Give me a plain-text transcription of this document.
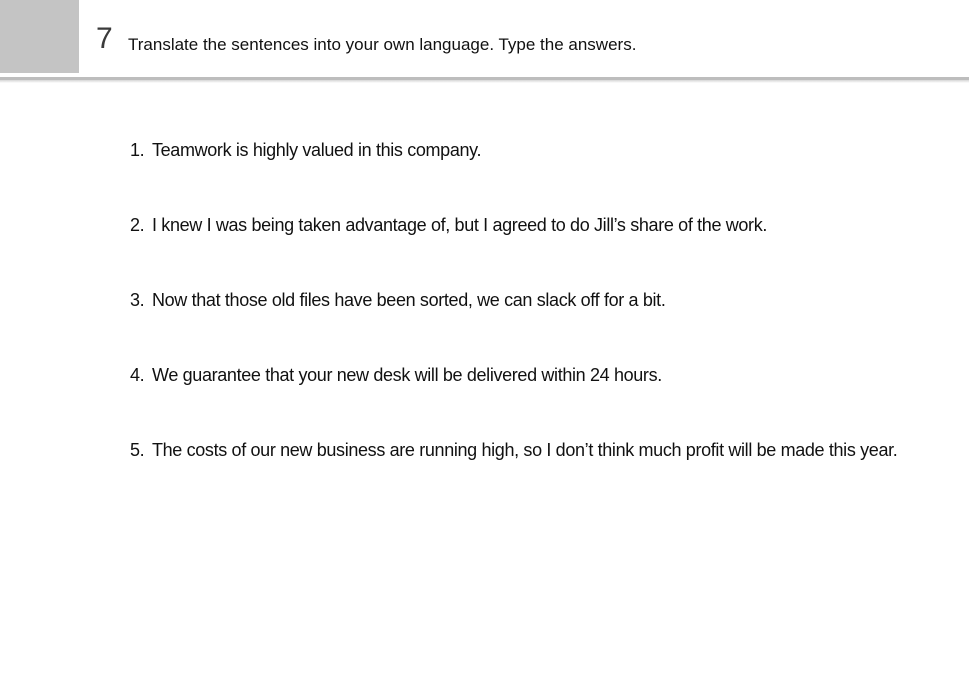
7 Translate the sentences into your own language. Type the answers.
1. Teamwork is highly valued in this company.
2. I knew I was being taken advantage of, but I agreed to do Jill’s share of the work.
3. Now that those old files have been sorted, we can slack off for a bit.
4. We guarantee that your new desk will be delivered within 24 hours.
5. The costs of our new business are running high, so I don’t think much profit will be made this year.
